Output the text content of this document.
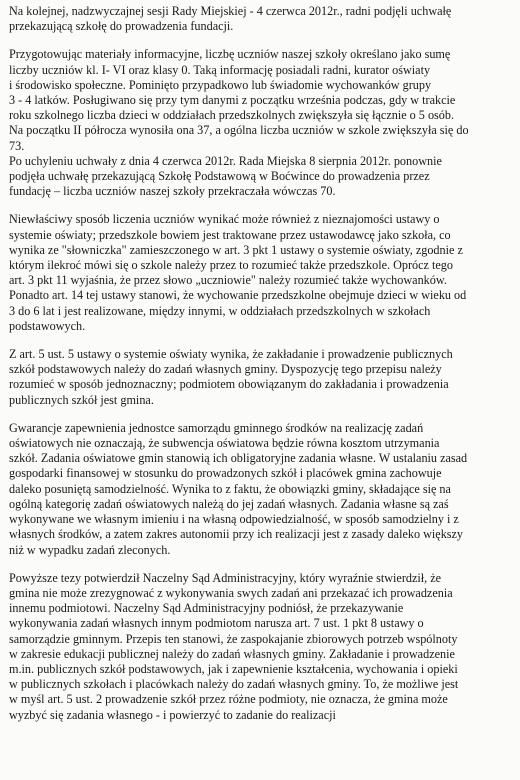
Na kolejnej, nadzwyczajnej sesji Rady Miejskiej - 4 czerwca 2012r., radni podjęli uchwałę
przekazującą szkołę do prowadzenia fundacji.

Przygotowując materiały informacyjne, liczbę uczniów naszej szkoły określano jako sumę
liczby uczniów kl. I- VI oraz klasy 0. Taką informację posiadali radni, kurator oświaty
i środowisko społeczne. Pominięto przypadkowo lub świadomie wychowanków grupy
3 - 4 latków. Posługiwano się przy tym danymi z początku września podczas, gdy w trakcie
roku szkolnego liczba dzieci w oddziałach przedszkolnych zwiększyła się łącznie o 5 osób.
Na początku II półrocza wynosiła ona 37, a ogólna liczba uczniów w szkole zwiększyła się do
73.

Po uchyleniu uchwały z dnia 4 czerwca 2012r. Rada Miejska 8 sierpnia 2012r. ponownie
podjęła uchwałę przekazującą Szkołę Podstawową w Boćwince do prowadzenia przez
fundację – liczba uczniów naszej szkoły przekraczała wówczas 70.

Niewłaściwy sposób liczenia uczniów wynikać może również z nieznajomości ustawy o
systemie oświaty; przedszkole bowiem jest traktowane przez ustawodawcę jako szkoła, co
wynika ze "słowniczka" zamieszczonego w art. 3 pkt 1 ustawy o systemie oświaty, zgodnie z
którym ilekroć mówi się o szkole należy przez to rozumieć także przedszkole. Oprócz tego
art. 3 pkt 11 wyjaśnia, że przez słowo „uczniowie" należy rozumieć także wychowanków.
Ponadto art. 14 tej ustawy stanowi, że wychowanie przedszkolne obejmuje dzieci w wieku od
3 do 6 lat i jest realizowane, między innymi, w oddziałach przedszkolnych w szkołach
podstawowych.

Z art. 5 ust. 5 ustawy o systemie oświaty wynika, że zakładanie i prowadzenie publicznych
szkół podstawowych należy do zadań własnych gminy. Dyspozycję tego przepisu należy
rozumieć w sposób jednoznaczny; podmiotem obowiązanym do zakładania i prowadzenia
publicznych szkół jest gmina.

Gwarancje zapewnienia jednostce samorządu gminnego środków na realizację zadań
oświatowych nie oznaczają, że subwencja oświatowa będzie równa kosztom utrzymania
szkół. Zadania oświatowe gmin stanowią ich obligatoryjne zadania własne. W ustalaniu zasad
gospodarki finansowej w stosunku do prowadzonych szkół i placówek gmina zachowuje
daleko posuniętą samodzielność. Wynika to z faktu, że obowiązki gminy, składające się na
ogólną kategorię zadań oświatowych należą do jej zadań własnych. Zadania własne są zaś
wykonywane we własnym imieniu i na własną odpowiedzialność, w sposób samodzielny i z
własnych środków, a zatem zakres autonomii przy ich realizacji jest z zasady daleko większy
niż w wypadku zadań zleconych.

Powyższe tezy potwierdził Naczelny Sąd Administracyjny, który wyraźnie stwierdził, że
gmina nie może zrezygnować z wykonywania swych zadań ani przekazać ich prowadzenia
innemu podmiotowi. Naczelny Sąd Administracyjny podniósł, że przekazywanie
wykonywania zadań własnych innym podmiotom narusza art. 7 ust. 1 pkt 8 ustawy o
samorządzie gminnym. Przepis ten stanowi, że zaspokajanie zbiorowych potrzeb wspólnoty
w zakresie edukacji publicznej należy do zadań własnych gminy. Zakładanie i prowadzenie
m.in. publicznych szkół podstawowych, jak i zapewnienie kształcenia, wychowania i opieki
w publicznych szkołach i placówkach należy do zadań własnych gminy. To, że możliwe jest
w myśl art. 5 ust. 2 prowadzenie szkół przez różne podmioty, nie oznacza, że gmina może
wyzbyć się zadania własnego - i powierzyć to zadanie do realizacji
